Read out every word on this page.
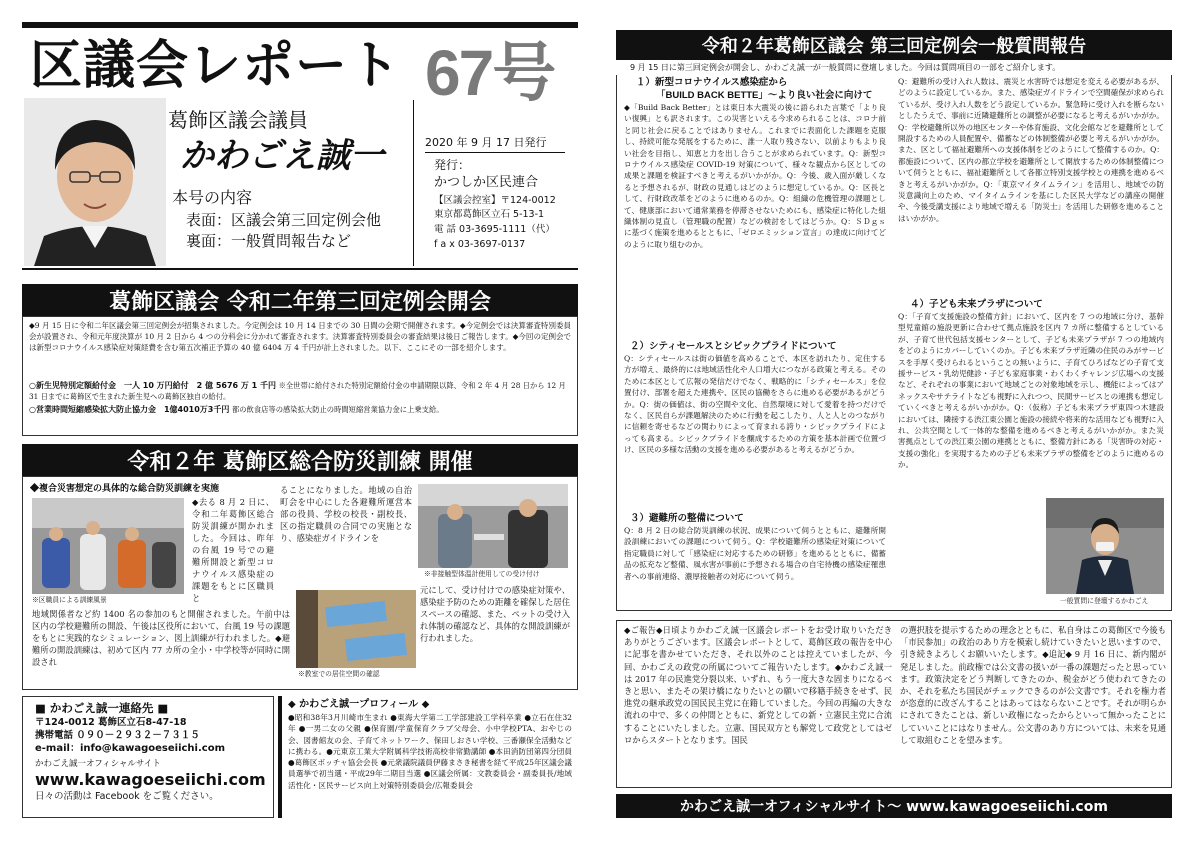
区議会レポート 67号
葛飾区議会議員
かわごえ誠一
本号の内容
表面：区議会第三回定例会他
裏面：一般質問報告など
2020 年 9 月 17 日発行
発行：
かつしか区民連合
【区議会控室】〒124-0012
東京都葛飾区立石 5-13-1
電 話 03-3695-1111（代）
f a x 03-3697-0137
葛飾区議会 令和二年第三回定例会開会
◆9 月 15 日に令和二年区議会第三回定例会が招集されました。今定例会は 10 月 14 日までの 30 日間の会期で開催されます。◆今定例会では決算審査特別委員会が設置され、令和元年度決算が 10 月 2 日から 4 つの分科会に分かれて審査されます。決算審査特別委員会の審査結果は後日ご報告します。◆今回の定例会では新型コロナウイルス感染症対策経費を含む第五次補正予算の 40 億 6404 万 4 千円が計上されました。以下、ここにその一部を紹介します。
○新生児特別定額給付金　一人 10 万円給付　2 億 5676 万 1 千円 ※全世帯に給付された特別定額給付金の申請期限以降、令和 2 年 4 月 28 日から 12 月 31 日までに葛飾区で生まれた新生児への葛飾区独自の給付。
○営業時間短縮感染拡大防止協力金　1億4010万3千円 都の飲食店等の感染拡大防止の時間短縮営業協力金に上乗支給。
令和２年 葛飾区総合防災訓練 開催
◆複合災害想定の具体的な総合防災訓練を実施
※区職員による訓練風景
◆去る 8 月 2 日に、令和二年葛飾区総合防災訓練が開かれました。今回は、昨年の台風 19 号での避難所開設と新型コロナウイルス感染症の課題をもとに区職員と
ることになりました。地域の自治町会を中心にした各避難所運営本部の役員、学校の校長・副校長、区の指定職員の合同での実施となり、感染症ガイドラインを
※非接触型体温計使用しての受け付け
※教室での居住空間の確認
元にして、受け付けでの感染症対策や、感染症予防のための距離を確保した居住スペースの確認、また、ペットの受け入れ体制の確認など、具体的な開設訓練が行われました。
地域関係者など約 1400 名の参加のもと開催されました。午前中は区内の学校避難所の開設、午後は区役所において、台風 19 号の課題をもとに実践的なシミュレーション、図上訓練が行われました。◆避難所の開設訓練は、初めて区内 77 カ所の全小・中学校等が同時に開設され
■ かわごえ誠一連絡先 ■
〒124-0012 葛飾区立石8-47-18
携帯電話 ０９０－２９３２－７３１５
e-mail：info@kawagoeseiichi.com
かわごえ誠一オフィシャルサイト
www.kawagoeseiichi.com
日々の活動は Facebook をご覧ください。
◆ かわごえ誠一プロフィール ◆
●昭和38年3月川崎市生まれ ●東海大学第二工学部建設工学科卒業 ●立石在住32年 ●一男二女の父親 ●保育園/学童保育クラブ父母会、小中学校PTA、おやじの会、図書館友の会、子育てネットワーク、保田しおさい学校、三番瀬保全活動などに携わる。●元東京工業大学附属科学技術高校非常勤講師 ●本田消防団第四分団員 ●葛飾区ボッチャ協会会長 ●元衆議院議員伊藤まさき秘書を経て平成25年区議会議員選挙で初当選・平成29年二期目当選 ●区議会所属：文教委員会・副委員長/地域活性化・区民サービス向上対策特別委員会/広報委員会
令和２年葛飾区議会 第三回定例会一般質問報告
9 月 15 日に第三回定例会が開会し、かわごえ誠一が一般質問に登壇しました。今回は質問項目の一部をご紹介します。
１）新型コロナウイルス感染症から
「BUILD BACK BETTE」〜より良い社会に向けて
◆「Build Back Better」とは東日本大震災の後に語られた言葉で「より良い復興」とも訳されます。この災害といえる今求められることは、コロナ前と同じ社会に戻ることではありません。これまでに表面化した課題を克服し、持続可能な発展をするために、誰一人取り残さない、以前よりもより良い社会を目指し、知恵と力を出し合うことが求められています。Q：新型コロナウイルス感染症 COVID-19 対策について、様々な観点から区としての成果と課題を検証すべきと考えるがいかがか。Q：今後、歳入面が厳しくなると予想されるが、財政の見通しはどのように想定しているか。Q：区長として、行財政改革をどのように進めるのか。Q：組織の危機管理の課題として、健康部において通常業務を停滞させないためにも、感染症に特化した組織体制の見直し（管理職の配置）などの検討をしてはどうか。Q：ＳＤｇｓに基づく施策を進めるとともに、「ゼロエミッション宣言」の達成に向けてどのように取り組むのか。
２）シティセールスとシビックプライドについて
Q：シティセールスは街の価値を高めることで、本区を訪れたり、定住する方が増え、最終的には地域活性化や人口増大につながる政策と考える。そのために本区として広報の発信だけでなく、戦略的に「シティセールス」を位置付け、部署を超えた連携や、区民の協働をさらに進める必要があるがどうか。Q：街の価値は、街の空間や文化、自然環境に対して愛着を持つだけでなく、区民自らが課題解決のために行動を起こしたり、人と人とのつながりに信頼を寄せるなどの関わりによって育まれる誇り・シビックプライドによっても高まる。シビックプライドを醸成するための方策を基本計画で位置づけ、区民の多様な活動の支援を進める必要があると考えるがどうか。
３）避難所の整備について
Q：8 月 2 日の総合防災訓練の状況、成果について伺うとともに、避難所開設訓練においての課題について伺う。Q：学校避難所の感染症対策について指定職員に対して「感染症に対応するための研修」を進めるとともに、備蓄品の拡充など整備、風水害が事前に予想される場合の自宅待機の感染症罹患者への事前連絡、濃厚接触者の対応について伺う。
Q：避難所の受け入れ人数は、震災と水害時では想定を変える必要があるが、どのように設定しているか。また、感染症ガイドラインで空間確保が求められているが、受け入れ人数をどう設定しているか。緊急時に受け入れを断らないとしたうえで、事前に近隣避難所との調整が必要になると考えるがいかがか。Q：学校避難所以外の地区センターや体育施設、文化会館などを避難所として開設するための人員配置や、備蓄などの体制整備が必要と考えるがいかがか。また、区として福祉避難所への支援体制をどのようにして整備するのか。Q：都施設について、区内の都立学校を避難所として開放するための体制整備について伺うとともに、福祉避難所として各都立特別支援学校との連携を進めるべきと考えるがいかがか。Q：「東京マイタイムライン」を活用し、地域での防災意識向上のため、マイタイムラインを基にした区民大学などの講座の開催や、今後受講支援により地域で増える「防災士」を活用した研修を進めることはいかがか。
４）子ども未来プラザについて
Q：「子育て支援施設の整備方針」において、区内を 7 つの地域に分け、基幹型児童館の施設更新に合わせて拠点施設を区内 7 カ所に整備するとしているが、子育て世代包括支援センターとして、子ども未来プラザが 7 つの地域内をどのようにカバーしていくのか。子ども未来プラザ近隣の住民のみがサービスを手厚く受けられるということの無いように、子育てひろばなどの子育て支援サービス・乳幼児健診・子ども家庭事業・わくわくチャレンジ広場への支援など、それぞれの事業において地域ごとの対象地域を示し、機能によってはアネックスやサテライトなども視野に入れつつ、民間サービスとの連携も想定していくべきと考えるがいかがか。Q：（仮称）子ども未来プラザ東四つ木建設においては、隣接する渋江東公園と施設の接続や将来的な活用なども視野に入れ、公共空間として一体的な整備を進めるべきと考えるがいかがか。また災害拠点としての渋江東公園の連携とともに、整備方針にある「災害時の対応・支援の強化」を実現するための子ども未来プラザの整備をどのように進めるのか。
一般質問に登壇するかわごえ
◆ご報告◆日頃よりかわごえ誠一区議会レポートをお受け取りいただきありがとうございます。区議会レポートとして、葛飾区政の報告を中心に記事を書かせていただき、それ以外のことは控えていましたが、今回、かわごえの政党の所属についてご報告いたします。◆かわごえ誠一は 2017 年の民進党分裂以来、いずれ、もう一度大きな固まりになるべきと思い、またその架け橋になりたいとの願いで移籍手続きをせず、民進党の継承政党の国民民主党に在籍していました。今回の再編の大きな流れの中で、多くの仲間とともに、新党としての新・立憲民主党に合流することにいたしました。立憲、国民双方とも解党して政党としてはゼロからスタートとなります。国民
の選択肢を提示するための理念とともに、私自身はこの葛飾区で今後も「市民参加」の政治のあり方を模索し続けていきたいと思いますので、引き続きよろしくお願いいたします。◆追記◆ 9 月 16 日に、新内閣が発足しました。前政権では公文書の扱いが一番の課題だったと思っています。政策決定をどう判断してきたのか、税金がどう使われてきたのか、それを私たち国民がチェックできるのが公文書です。それを権力者が恣意的に改ざんすることはあってはならないことです。それが明らかにされてきたことは、新しい政権になったからといって無かったことにしていいことにはなりません。公文書のあり方については、未来を見通して取組むことを望みます。
かわごえ誠一オフィシャルサイト〜 www.kawagoeseiichi.com
